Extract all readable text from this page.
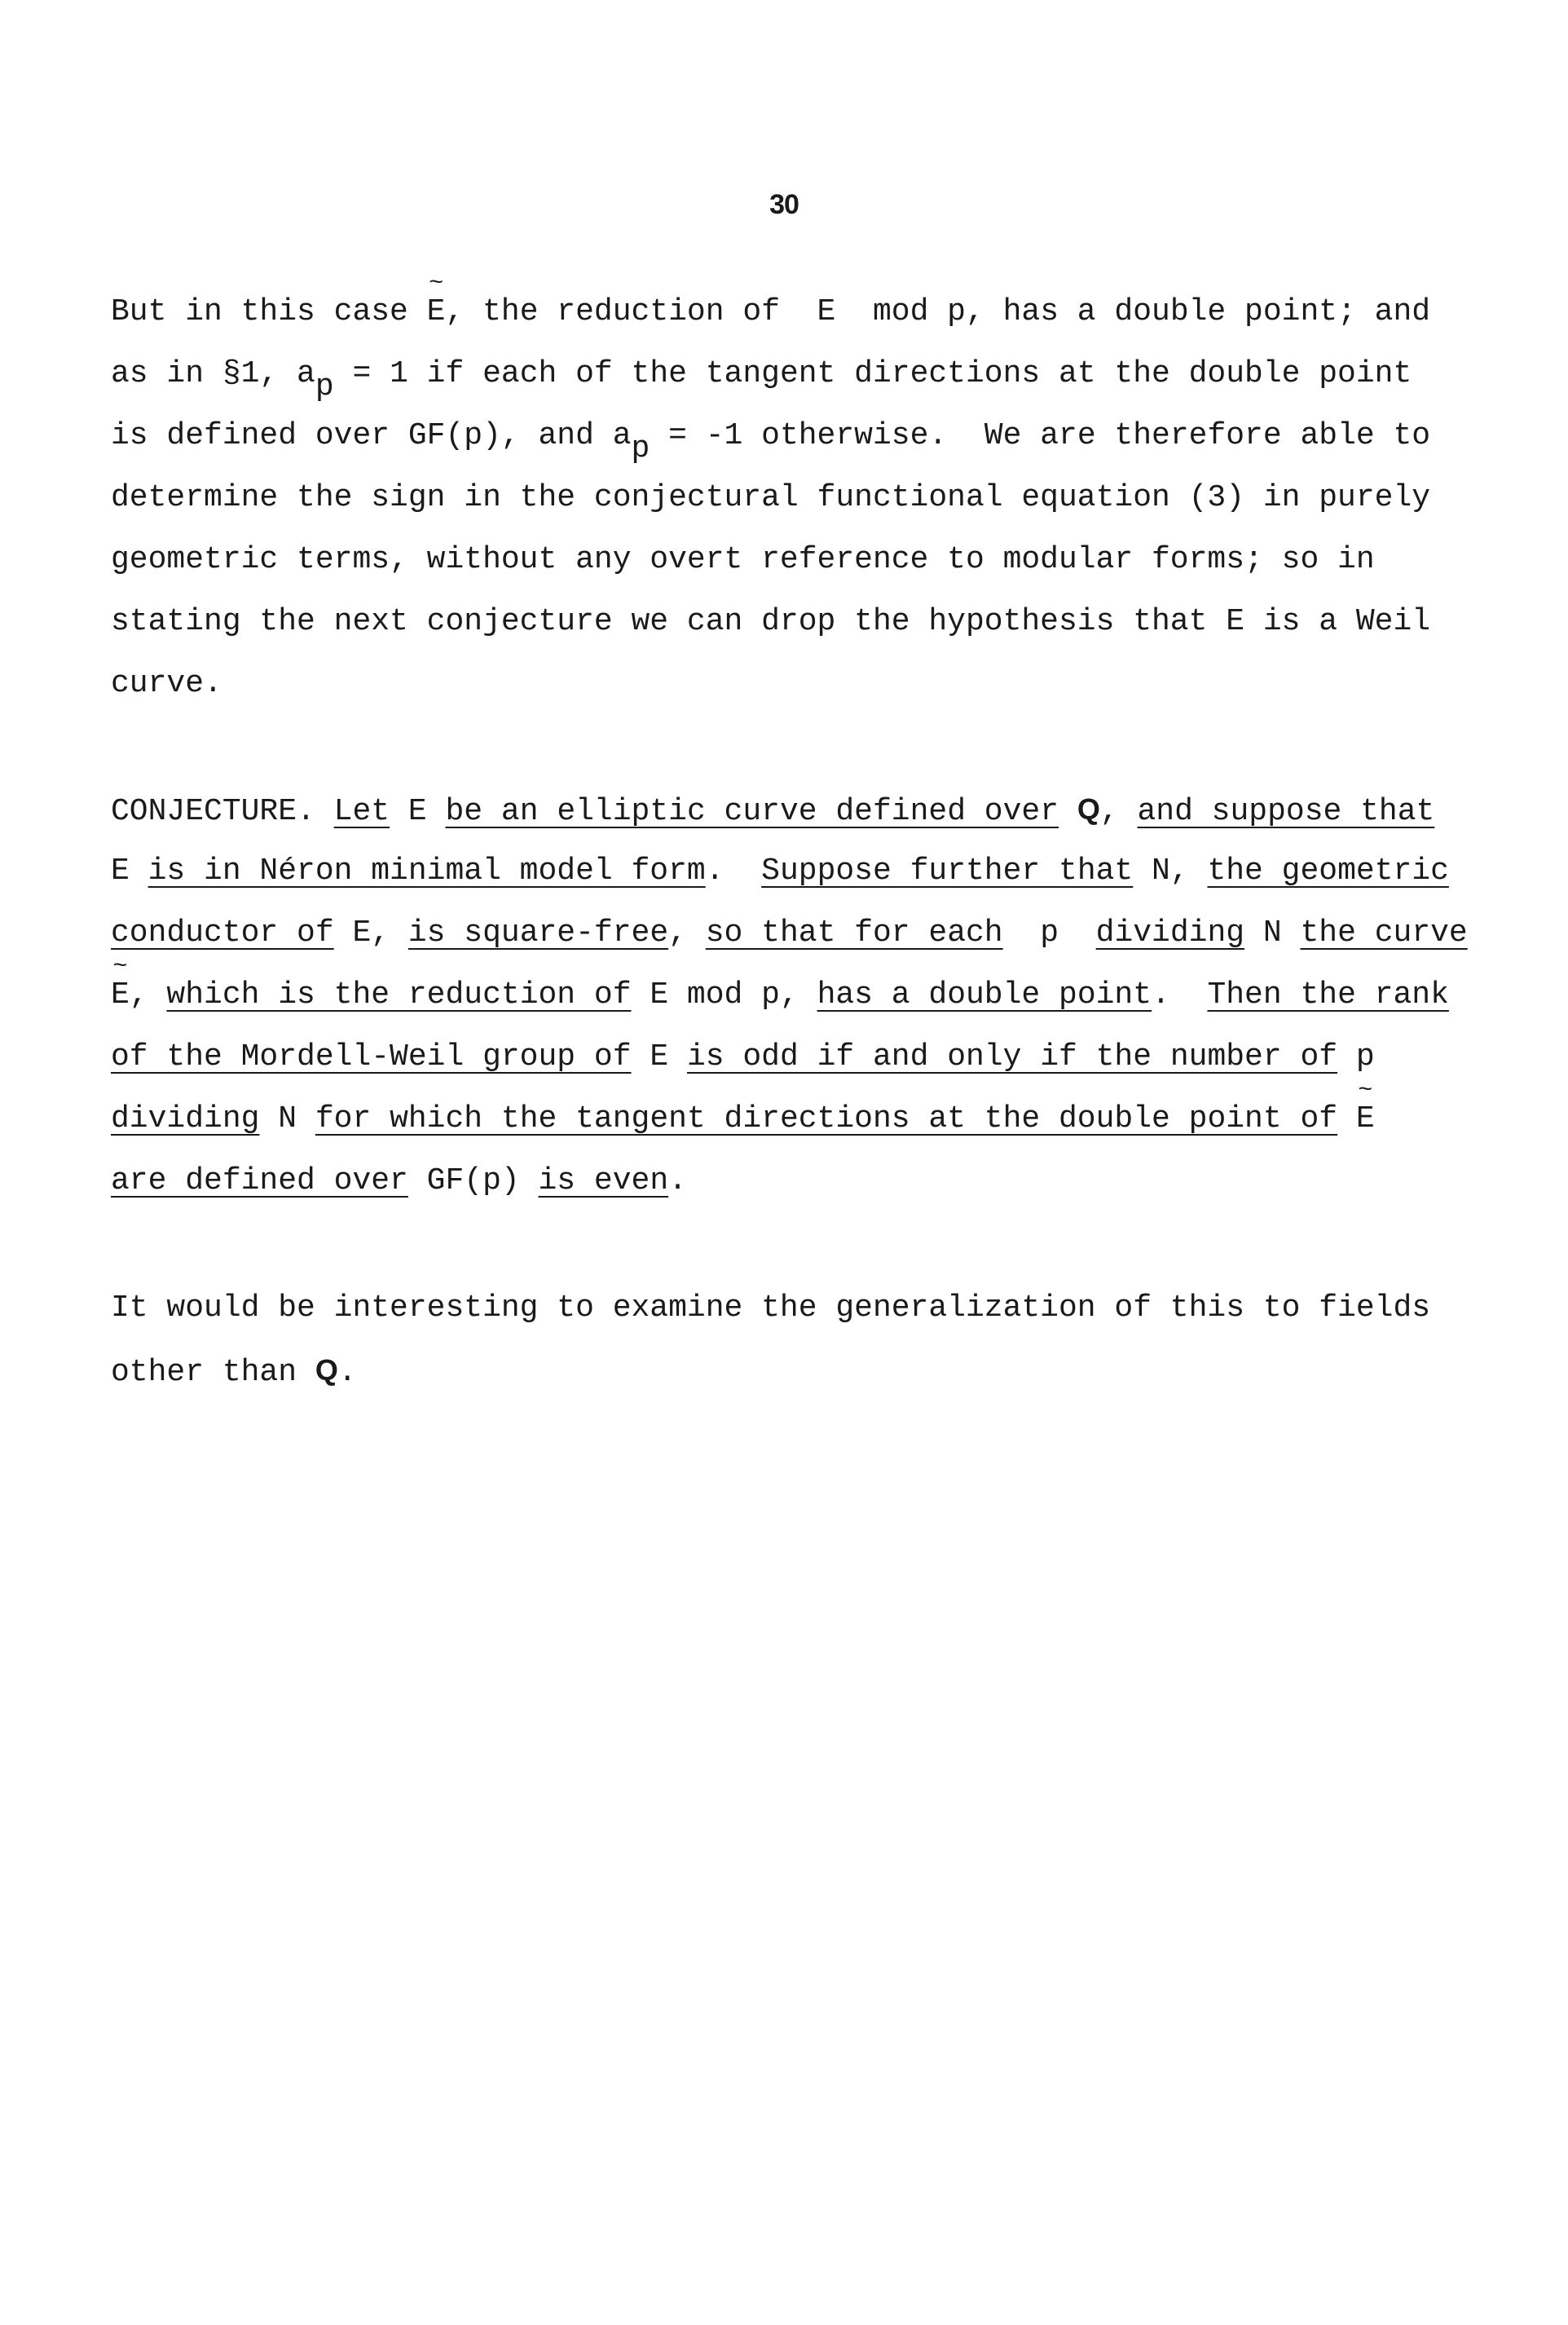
30
But in this case ~ E, the reduction of  E  mod p, has a double point; and
as in §1, ap = 1 if each of the tangent directions at the double point
is defined over GF(p), and ap = -1 otherwise.  We are therefore able to
determine the sign in the conjectural functional equation (3) in purely
geometric terms, without any overt reference to modular forms; so in
stating the next conjecture we can drop the hypothesis that E is a Weil
curve.
CONJECTURE. Let E be an elliptic curve defined over Q, and suppose that
E is in Néron minimal model form.  Suppose further that N, the geometric
conductor of E, is square-free, so that for each  p  dividing N the curve
~ E, which is the reduction of E mod p, has a double point.  Then the rank
of the Mordell-Weil group of E is odd if and only if the number of p
dividing N for which the tangent directions at the double point of ~ E
are defined over GF(p) is even.
It would be interesting to examine the generalization of this to fields
other than Q.
